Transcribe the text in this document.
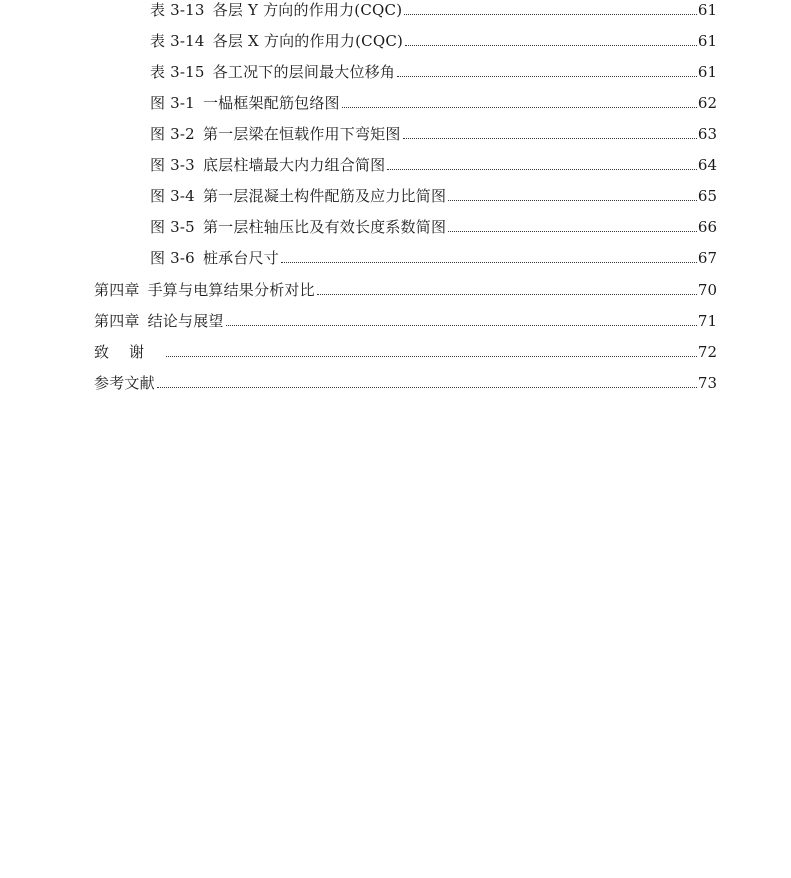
表 3-13 各层 Y 方向的作用力(CQC)	61
表 3-14 各层 X 方向的作用力(CQC)	61
表 3-15 各工况下的层间最大位移角	61
图 3-1 一榀框架配筋包络图	62
图 3-2 第一层梁在恒载作用下弯矩图	63
图 3-3 底层柱墙最大内力组合简图	64
图 3-4 第一层混凝土构件配筋及应力比简图	65
图 3-5 第一层柱轴压比及有效长度系数简图	66
图 3-6 桩承台尺寸	67
第四章 手算与电算结果分析对比	70
第四章 结论与展望	71
致谢	72
参考文献	73
